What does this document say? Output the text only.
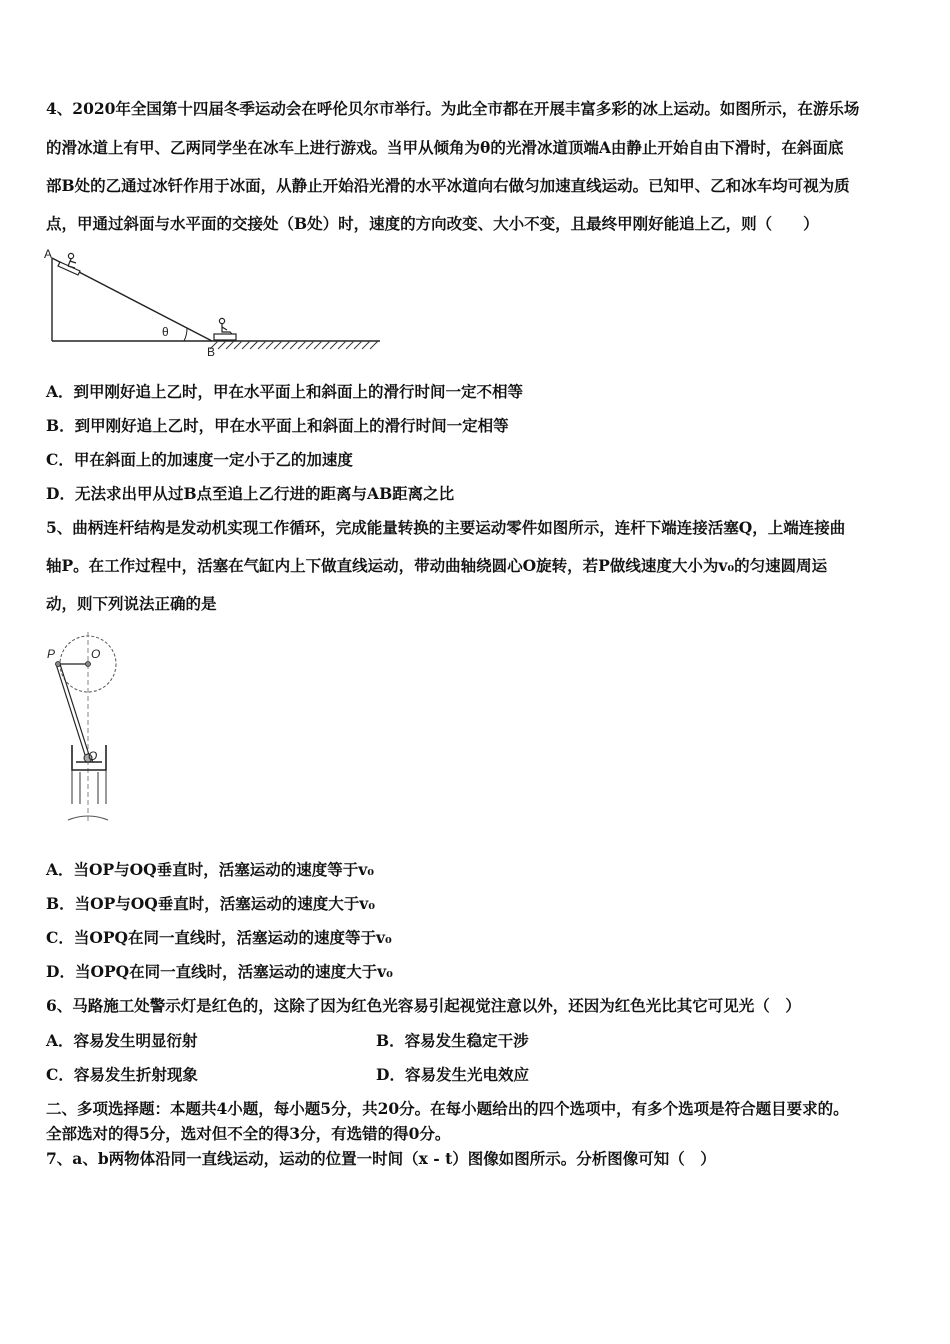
4、2020年全国第十四届冬季运动会在呼伦贝尔市举行。为此全市都在开展丰富多彩的冰上运动。如图所示，在游乐场
的滑冰道上有甲、乙两同学坐在冰车上进行游戏。当甲从倾角为θ的光滑冰道顶端A由静止开始自由下滑时，在斜面底
部B处的乙通过冰钎作用于冰面，从静止开始沿光滑的水平冰道向右做匀加速直线运动。已知甲、乙和冰车均可视为质
点，甲通过斜面与水平面的交接处（B处）时，速度的方向改变、大小不变，且最终甲刚好能追上乙，则（　　）
A
θ
B
A．到甲刚好追上乙时，甲在水平面上和斜面上的滑行时间一定不相等
B．到甲刚好追上乙时，甲在水平面上和斜面上的滑行时间一定相等
C．甲在斜面上的加速度一定小于乙的加速度
D．无法求出甲从过B点至追上乙行进的距离与AB距离之比
5、曲柄连杆结构是发动机实现工作循环，完成能量转换的主要运动零件如图所示，连杆下端连接活塞Q，上端连接曲
轴P。在工作过程中，活塞在气缸内上下做直线运动，带动曲轴绕圆心O旋转，若P做线速度大小为v₀的匀速圆周运
动，则下列说法正确的是
P	O
Q
A．当OP与OQ垂直时，活塞运动的速度等于v₀
B．当OP与OQ垂直时，活塞运动的速度大于v₀
C．当OPQ在同一直线时，活塞运动的速度等于v₀
D．当OPQ在同一直线时，活塞运动的速度大于v₀
6、马路施工处警示灯是红色的，这除了因为红色光容易引起视觉注意以外，还因为红色光比其它可见光（　）
A．容易发生明显衍射	B．容易发生稳定干涉
C．容易发生折射现象	D．容易发生光电效应
二、多项选择题：本题共4小题，每小题5分，共20分。在每小题给出的四个选项中，有多个选项是符合题目要求的。
全部选对的得5分，选对但不全的得3分，有选错的得0分。
7、a、b两物体沿同一直线运动，运动的位置一时间（x - t）图像如图所示。分析图像可知（　）
